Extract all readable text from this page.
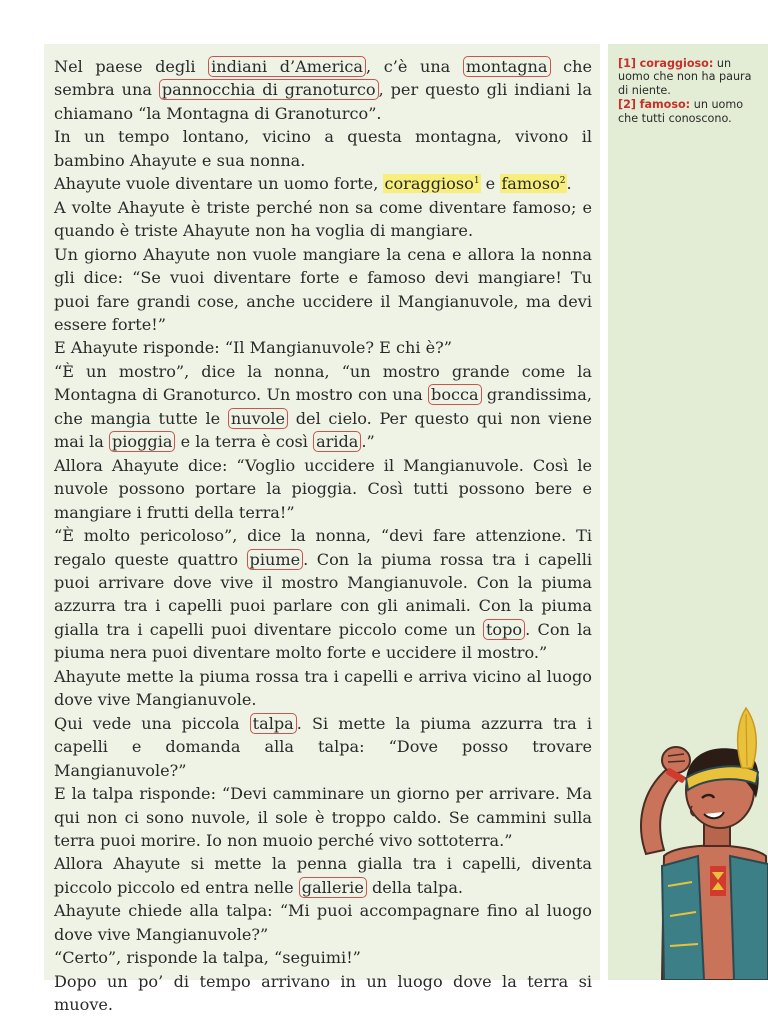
Nel paese degli indiani d’America , c’è una montagna che sembra una pannocchia di granoturco , per questo gli indiani la chiamano “la Montagna di Granoturco”.

In un tempo lontano, vicino a questa montagna, vivono il bambino Ahayute e sua nonna.

Ahayute vuole diventare un uomo forte, coraggioso$^1$ e famoso$^2$.

A volte Ahayute è triste perché non sa come diventare famoso; e quando è triste Ahayute non ha voglia di mangiare.

Un giorno Ahayute non vuole mangiare la cena e allora la nonna gli dice: “Se vuoi diventare forte e famoso devi mangiare! Tu puoi fare grandi cose, anche uccidere il Mangianuvole, ma devi essere forte!”

E Ahayute risponde: “Il Mangianuvole? E chi è?”

“È un mostro”, dice la nonna, “un mostro grande come la Montagna di Granoturco. Un mostro con una bocca grandissima, che mangia tutte le nuvole del cielo. Per questo qui non viene mai la pioggia e la terra è così arida .”

Allora Ahayute dice: “Voglio uccidere il Mangianuvole. Così le nuvole possono portare la pioggia. Così tutti possono bere e mangiare i frutti della terra!”

“È molto pericoloso”, dice la nonna, “devi fare attenzione. Ti regalo queste quattro piume . Con la piuma rossa tra i capelli puoi arrivare dove vive il mostro Mangianuvole. Con la piuma azzurra tra i capelli puoi parlare con gli animali. Con la piuma gialla tra i capelli puoi diventare piccolo come un topo . Con la piuma nera puoi diventare molto forte e uccidere il mostro.”

Ahayute mette la piuma rossa tra i capelli e arriva vicino al luogo dove vive Mangianuvole.

Qui vede una piccola talpa . Si mette la piuma azzurra tra i capelli e domanda alla talpa: “Dove posso trovare Mangianuvole?”

E la talpa risponde: “Devi camminare un giorno per arrivare. Ma qui non ci sono nuvole, il sole è troppo caldo. Se cammini sulla terra puoi morire. Io non muoio perché vivo sottoterra.”

Allora Ahayute si mette la penna gialla tra i capelli, diventa piccolo piccolo ed entra nelle gallerie della talpa.

Ahayute chiede alla talpa: “Mi puoi accompagnare fino al luogo dove vive Mangianuvole?”

“Certo”, risponde la talpa, “seguimi!”

Dopo un po’ di tempo arrivano in un luogo dove la terra si muove.

[1] coraggioso: un uomo che non ha paura di niente.

[2] famoso: un uomo che tutti conoscono.
